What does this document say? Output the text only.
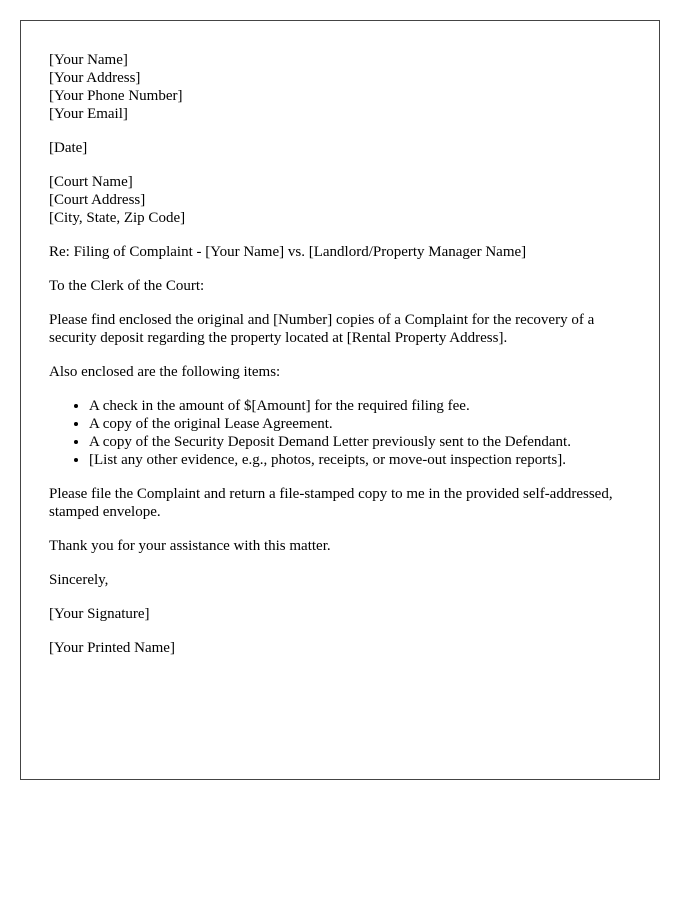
[Your Name]
[Your Address]
[Your Phone Number]
[Your Email]
[Date]
[Court Name]
[Court Address]
[City, State, Zip Code]

Re: Filing of Complaint - [Your Name] vs. [Landlord/Property Manager Name]

To the Clerk of the Court:

Please find enclosed the original and [Number] copies of a Complaint for the recovery of a security deposit regarding the property located at [Rental Property Address].

Also enclosed are the following items:

• A check in the amount of $[Amount] for the required filing fee.
• A copy of the original Lease Agreement.
• A copy of the Security Deposit Demand Letter previously sent to the Defendant.
• [List any other evidence, e.g., photos, receipts, or move-out inspection reports].

Please file the Complaint and return a file-stamped copy to me in the provided self-addressed, stamped envelope.

Thank you for your assistance with this matter.

Sincerely,

[Your Signature]

[Your Printed Name]
